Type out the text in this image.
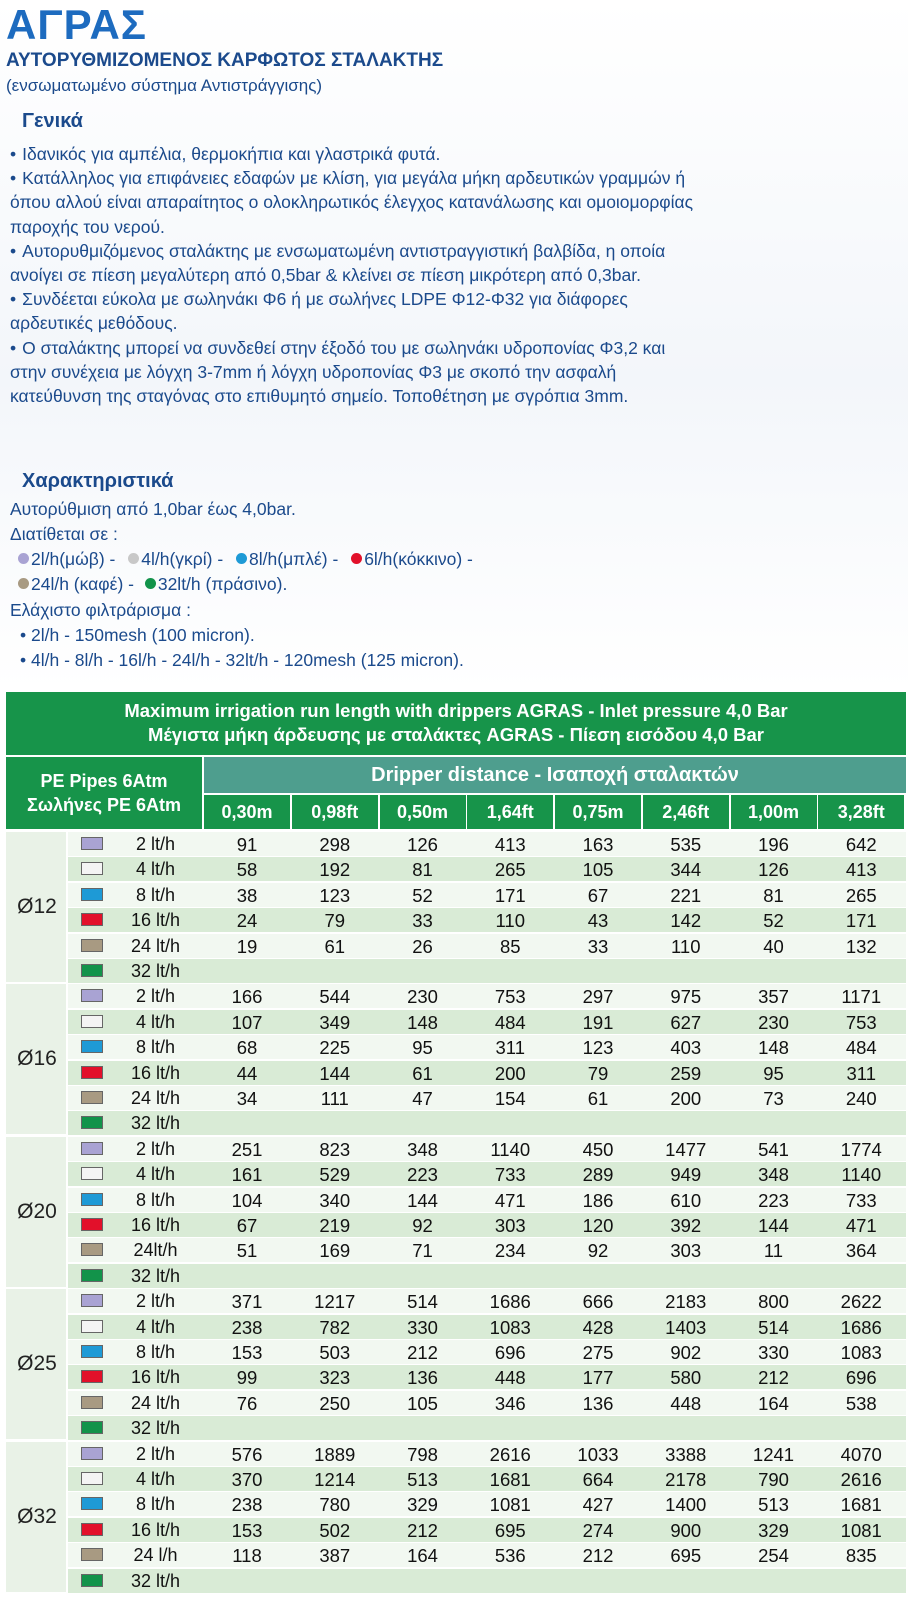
ΑΓΡΑΣ
ΑΥΤΟΡΥΘΜΙΖΟΜΕΝΟΣ ΚΑΡΦΩΤΟΣ ΣΤΑΛΑΚΤΗΣ
(ενσωματωμένο σύστημα Αντιστράγγισης)
Γενικά
• Ιδανικός για αμπέλια, θερμοκήπια και γλαστρικά φυτά.
• Κατάλληλος για επιφάνειες εδαφών με κλίση, για μεγάλα μήκη αρδευτικών γραμμών ή όπου αλλού είναι απαραίτητος ο ολοκληρωτικός έλεγχος κατανάλωσης και ομοιομορφίας παροχής του νερού.
• Αυτορυθμιζόμενος σταλάκτης με ενσωματωμένη αντιστραγγιστική βαλβίδα, η οποία ανοίγει σε πίεση μεγαλύτερη από 0,5bar & κλείνει σε πίεση μικρότερη από 0,3bar.
• Συνδέεται εύκολα με σωληνάκι Φ6 ή με σωλήνες LDPE Φ12-Φ32 για διάφορες αρδευτικές μεθόδους.
• Ο σταλάκτης μπορεί να συνδεθεί στην έξοδό του με σωληνάκι υδροπονίας Φ3,2 και στην συνέχεια με λόγχη 3-7mm ή λόγχη υδροπονίας Φ3 με σκοπό την ασφαλή κατεύθυνση της σταγόνας στο επιθυμητό σημείο. Τοποθέτηση με σγρόπια 3mm.
Χαρακτηριστικά
Αυτορύθμιση από 1,0bar έως 4,0bar.
Διατίθεται σε :
2l/h(μώβ) - 4l/h(γκρί) - 8l/h(μπλέ) - 6l/h(κόκκινο) -
24l/h (καφέ) - 32lt/h (πράσινο).
Ελάχιστο φιλτράρισμα :
• 2l/h - 150mesh (100 micron).
• 4l/h - 8l/h - 16l/h - 24l/h - 32lt/h - 120mesh (125 micron).
Maximum irrigation run length with drippers AGRAS - Inlet pressure 4,0 Bar
Μέγιστα μήκη άρδευσης με σταλάκτες AGRAS - Πίεση εισόδου 4,0 Bar
PE Pipes 6Atm
Σωλήνες PE 6Atm
Dripper distance - Ισαποχή σταλακτών
0,30m	0,98ft	0,50m	1,64ft	0,75m	2,46ft	1,00m	3,28ft
Ø12
2 lt/h	91	298	126	413	163	535	196	642
4 lt/h	58	192	81	265	105	344	126	413
8 lt/h	38	123	52	171	67	221	81	265
16 lt/h	24	79	33	110	43	142	52	171
24 lt/h	19	61	26	85	33	110	40	132
32 lt/h
Ø16
2 lt/h	166	544	230	753	297	975	357	1171
4 lt/h	107	349	148	484	191	627	230	753
8 lt/h	68	225	95	311	123	403	148	484
16 lt/h	44	144	61	200	79	259	95	311
24 lt/h	34	111	47	154	61	200	73	240
32 lt/h
Ø20
2 lt/h	251	823	348	1140	450	1477	541	1774
4 lt/h	161	529	223	733	289	949	348	1140
8 lt/h	104	340	144	471	186	610	223	733
16 lt/h	67	219	92	303	120	392	144	471
24lt/h	51	169	71	234	92	303	11	364
32 lt/h
Ø25
2 lt/h	371	1217	514	1686	666	2183	800	2622
4 lt/h	238	782	330	1083	428	1403	514	1686
8 lt/h	153	503	212	696	275	902	330	1083
16 lt/h	99	323	136	448	177	580	212	696
24 lt/h	76	250	105	346	136	448	164	538
32 lt/h
Ø32
2 lt/h	576	1889	798	2616	1033	3388	1241	4070
4 lt/h	370	1214	513	1681	664	2178	790	2616
8 lt/h	238	780	329	1081	427	1400	513	1681
16 lt/h	153	502	212	695	274	900	329	1081
24 l/h	118	387	164	536	212	695	254	835
32 lt/h
